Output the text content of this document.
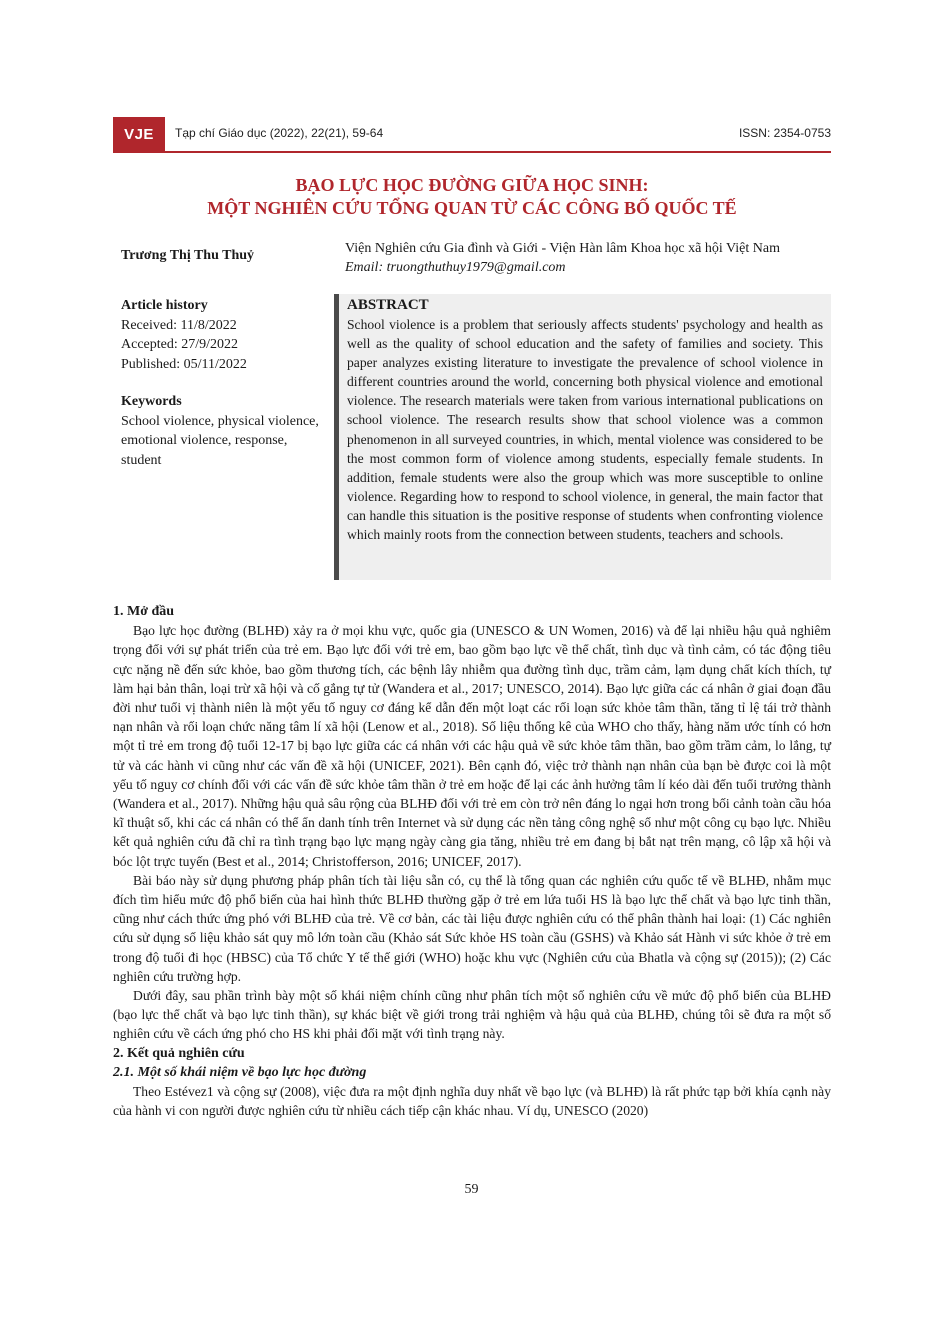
VJE	Tạp chí Giáo dục (2022), 22(21), 59-64	ISSN: 2354-0753
BẠO LỰC HỌC ĐƯỜNG GIỮA HỌC SINH:
MỘT NGHIÊN CỨU TỔNG QUAN TỪ CÁC CÔNG BỐ QUỐC TẾ
Trương Thị Thu Thuỷ	Viện Nghiên cứu Gia đình và Giới - Viện Hàn lâm Khoa học xã hội Việt Nam
Email: truongthuthuy1979@gmail.com
Article history

Received: 11/8/2022

Accepted: 27/9/2022

Published: 05/11/2022

Keywords

School violence, physical violence, emotional violence, response, student

ABSTRACT

School violence is a problem that seriously affects students' psychology and health as well as the quality of school education and the safety of families and society. This paper analyzes existing literature to investigate the prevalence of school violence in different countries around the world, concerning both physical violence and emotional violence. The research materials were taken from various international publications on school violence. The research results show that school violence was a common phenomenon in all surveyed countries, in which, mental violence was considered to be the most common form of violence among students, especially female students. In addition, female students were also the group which was more susceptible to online violence. Regarding how to respond to school violence, in general, the main factor that can handle this situation is the positive response of students when confronting violence which mainly roots from the connection between students, teachers and schools.

1. Mở đầu

Bạo lực học đường (BLHĐ) xảy ra ở mọi khu vực, quốc gia (UNESCO & UN Women, 2016) và để lại nhiều hậu quả nghiêm trọng đối với sự phát triển của trẻ em. Bạo lực đối với trẻ em, bao gồm bạo lực về thể chất, tình dục và tình cảm, có tác động tiêu cực nặng nề đến sức khỏe, bao gồm thương tích, các bệnh lây nhiễm qua đường tình dục, trầm cảm, lạm dụng chất kích thích, tự làm hại bản thân, loại trừ xã hội và cố gắng tự tử (Wandera et al., 2017; UNESCO, 2014). Bạo lực giữa các cá nhân ở giai đoạn đầu đời như tuổi vị thành niên là một yếu tố nguy cơ đáng kể dẫn đến một loạt các rối loạn sức khỏe tâm thần, tăng tỉ lệ tái trở thành nạn nhân và rối loạn chức năng tâm lí xã hội (Lenow et al., 2018). Số liệu thống kê của WHO cho thấy, hàng năm ước tính có hơn một tỉ trẻ em trong độ tuổi 12-17 bị bạo lực giữa các cá nhân với các hậu quả về sức khỏe tâm thần, bao gồm trầm cảm, lo lắng, tự tử và các hành vi cũng như các vấn đề xã hội (UNICEF, 2021). Bên cạnh đó, việc trở thành nạn nhân của bạn bè được coi là một yếu tố nguy cơ chính đối với các vấn đề sức khỏe tâm thần ở trẻ em hoặc để lại các ảnh hưởng tâm lí kéo dài đến tuổi trưởng thành (Wandera et al., 2017). Những hậu quả sâu rộng của BLHĐ đối với trẻ em còn trở nên đáng lo ngại hơn trong bối cảnh toàn cầu hóa kĩ thuật số, khi các cá nhân có thể ẩn danh tính trên Internet và sử dụng các nền tảng công nghệ số như một công cụ bạo lực. Nhiều kết quả nghiên cứu đã chỉ ra tình trạng bạo lực mạng ngày càng gia tăng, nhiều trẻ em đang bị bắt nạt trên mạng, cô lập xã hội và bóc lột trực tuyến (Best et al., 2014; Christofferson, 2016; UNICEF, 2017).

Bài báo này sử dụng phương pháp phân tích tài liệu sẵn có, cụ thể là tổng quan các nghiên cứu quốc tế về BLHĐ, nhằm mục đích tìm hiểu mức độ phổ biến của hai hình thức BLHĐ thường gặp ở trẻ em lứa tuổi HS là bạo lực thể chất và bạo lực tinh thần, cũng như cách thức ứng phó với BLHĐ của trẻ. Về cơ bản, các tài liệu được nghiên cứu có thể phân thành hai loại: (1) Các nghiên cứu sử dụng số liệu khảo sát quy mô lớn toàn cầu (Khảo sát Sức khỏe HS toàn cầu (GSHS) và Khảo sát Hành vi sức khỏe ở trẻ em trong độ tuổi đi học (HBSC) của Tổ chức Y tế thế giới (WHO) hoặc khu vực (Nghiên cứu của Bhatla và cộng sự (2015)); (2) Các nghiên cứu trường hợp.

Dưới đây, sau phần trình bày một số khái niệm chính cũng như phân tích một số nghiên cứu về mức độ phổ biến của BLHĐ (bạo lực thể chất và bạo lực tinh thần), sự khác biệt về giới trong trải nghiệm và hậu quả của BLHĐ, chúng tôi sẽ đưa ra một số nghiên cứu về cách ứng phó cho HS khi phải đối mặt với tình trạng này.

2. Kết quả nghiên cứu
2.1. Một số khái niệm về bạo lực học đường

Theo Estévez1 và cộng sự (2008), việc đưa ra một định nghĩa duy nhất về bạo lực (và BLHĐ) là rất phức tạp bởi khía cạnh này của hành vi con người được nghiên cứu từ nhiều cách tiếp cận khác nhau. Ví dụ, UNESCO (2020)

59
